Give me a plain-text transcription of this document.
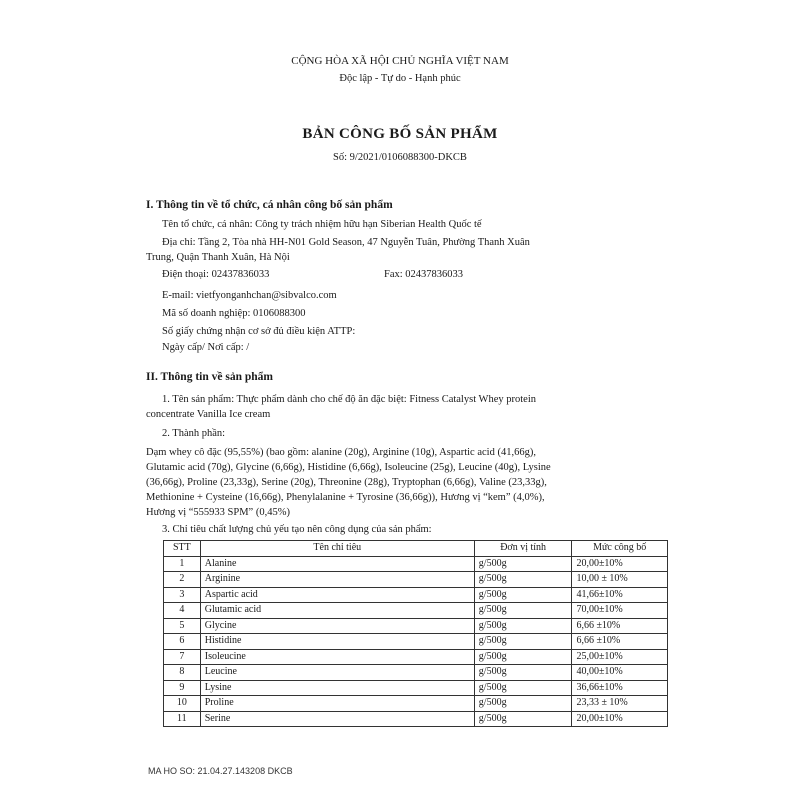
CỘNG HÒA XÃ HỘI CHỦ NGHĨA VIỆT NAM
Độc lập - Tự do - Hạnh phúc
BẢN CÔNG BỐ SẢN PHẨM
Số: 9/2021/0106088300-DKCB
I. Thông tin về tổ chức, cá nhân công bố sản phẩm
Tên tổ chức, cá nhân: Công ty trách nhiệm hữu hạn Siberian Health Quốc tế
Địa chỉ: Tầng 2, Tòa nhà HH-N01 Gold Season, 47 Nguyễn Tuân, Phường Thanh Xuân
Trung, Quận Thanh Xuân, Hà Nội
Điện thoại: 02437836033	Fax: 02437836033
E-mail: vietfyonganhchan@sibvalco.com
Mã số doanh nghiệp: 0106088300
Số giấy chứng nhận cơ sở đủ điều kiện ATTP:
Ngày cấp/ Nơi cấp: /
II. Thông tin về sản phẩm
1. Tên sản phẩm: Thực phẩm dành cho chế độ ăn đặc biệt: Fitness Catalyst Whey protein
concentrate Vanilla Ice cream
2. Thành phần:
Dạm whey cô đặc (95,55%) (bao gồm: alanine (20g), Arginine (10g), Aspartic acid (41,66g),
Glutamic acid (70g), Glycine (6,66g), Histidine (6,66g), Isoleucine (25g), Leucine (40g), Lysine
(36,66g), Proline (23,33g), Serine (20g), Threonine (28g), Tryptophan (6,66g), Valine (23,33g),
Methionine + Cysteine (16,66g), Phenylalanine + Tyrosine (36,66g)), Hương vị “kem” (4,0%),
Hương vị “555933 SPM” (0,45%)
3. Chỉ tiêu chất lượng chủ yếu tạo nên công dụng của sản phẩm:
STT	Tên chỉ tiêu	Đơn vị tính	Mức công bố
1	Alanine	g/500g	20,00±10%
2	Arginine	g/500g	10,00 ± 10%
3	Aspartic acid	g/500g	41,66±10%
4	Glutamic acid	g/500g	70,00±10%
5	Glycine	g/500g	6,66 ±10%
6	Histidine	g/500g	6,66 ±10%
7	Isoleucine	g/500g	25,00±10%
8	Leucine	g/500g	40,00±10%
9	Lysine	g/500g	36,66±10%
10	Proline	g/500g	23,33 ± 10%
11	Serine	g/500g	20,00±10%
MA HO SO: 21.04.27.143208 DKCB
